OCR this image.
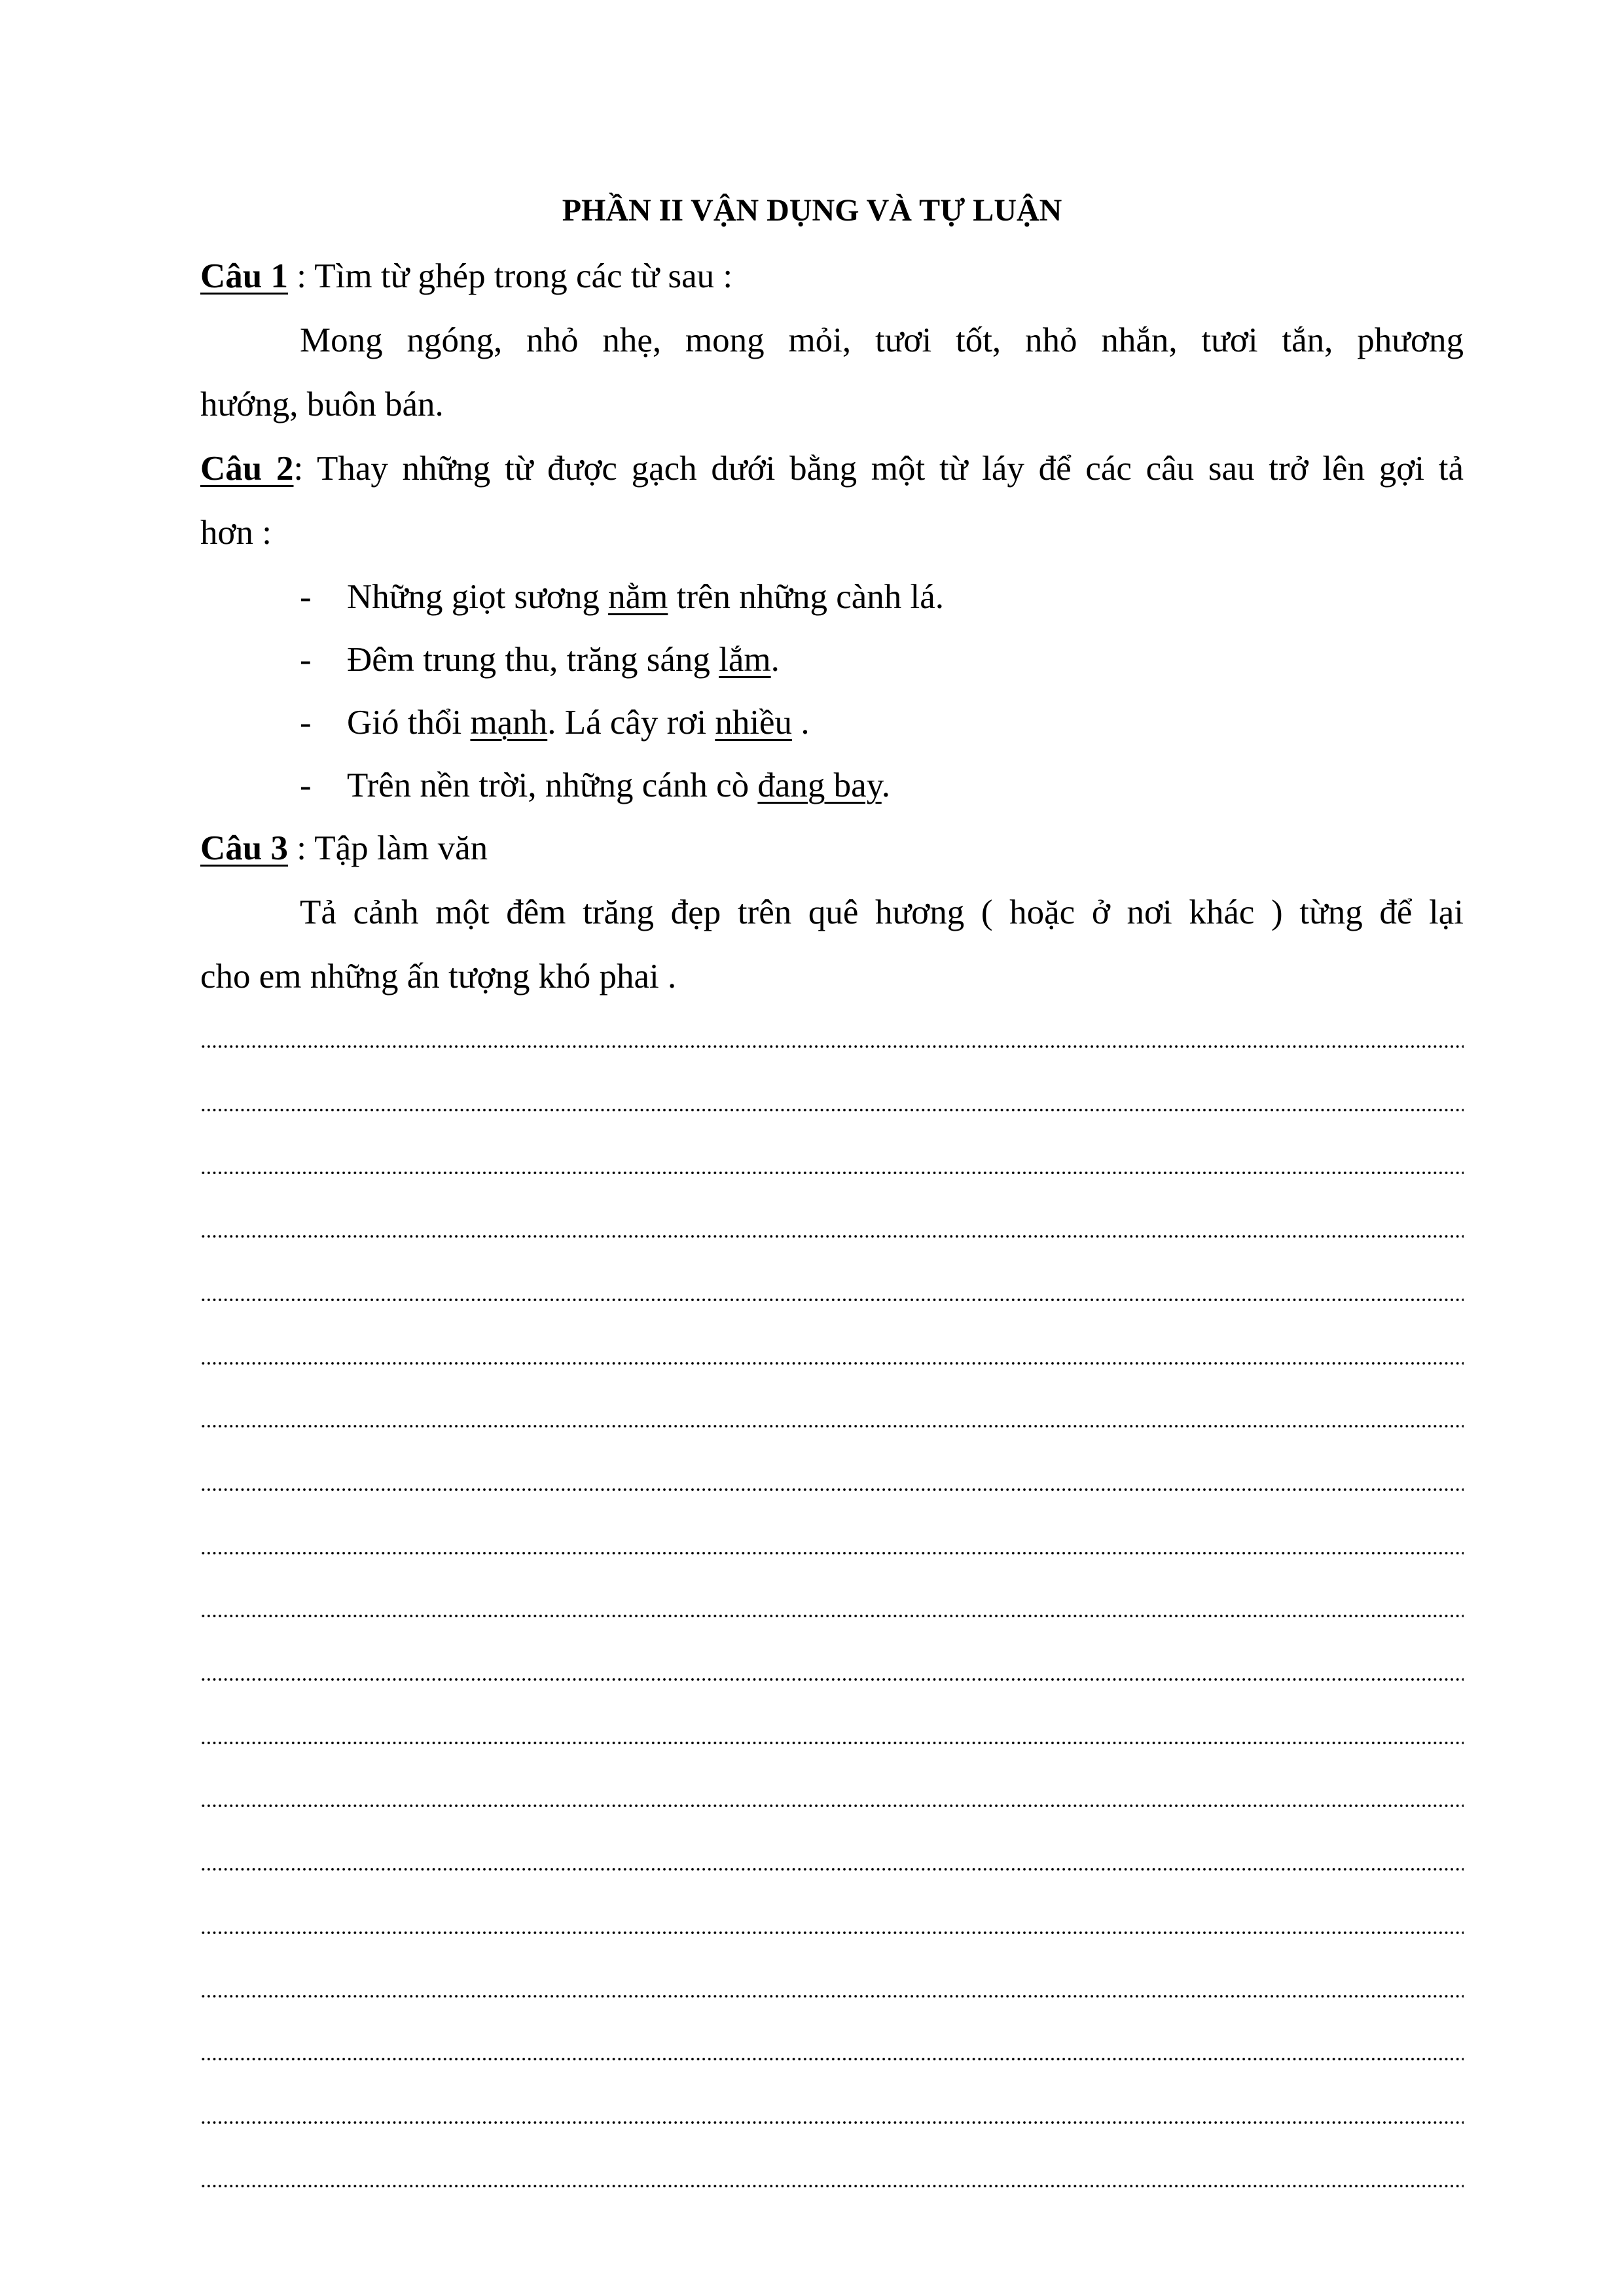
PHẦN II VẬN DỤNG VÀ TỰ LUẬN
Câu 1 : Tìm từ ghép trong các từ sau :
Mong ngóng, nhỏ nhẹ, mong mỏi, tươi tốt, nhỏ nhắn, tươi tắn, phương
hướng, buôn bán.
Câu 2: Thay những từ được gạch dưới bằng một từ láy để các câu sau trở lên gợi tả
hơn :
- Những giọt sương nằm trên những cành lá.
- Đêm trung thu, trăng sáng lắm.
- Gió thổi mạnh. Lá cây rơi nhiều .
- Trên nền trời, những cánh cò đang bay.
Câu 3 : Tập làm văn
Tả cảnh một đêm trăng đẹp trên quê hương ( hoặc ở nơi khác ) từng để lại
cho em những ấn tượng khó phai .
